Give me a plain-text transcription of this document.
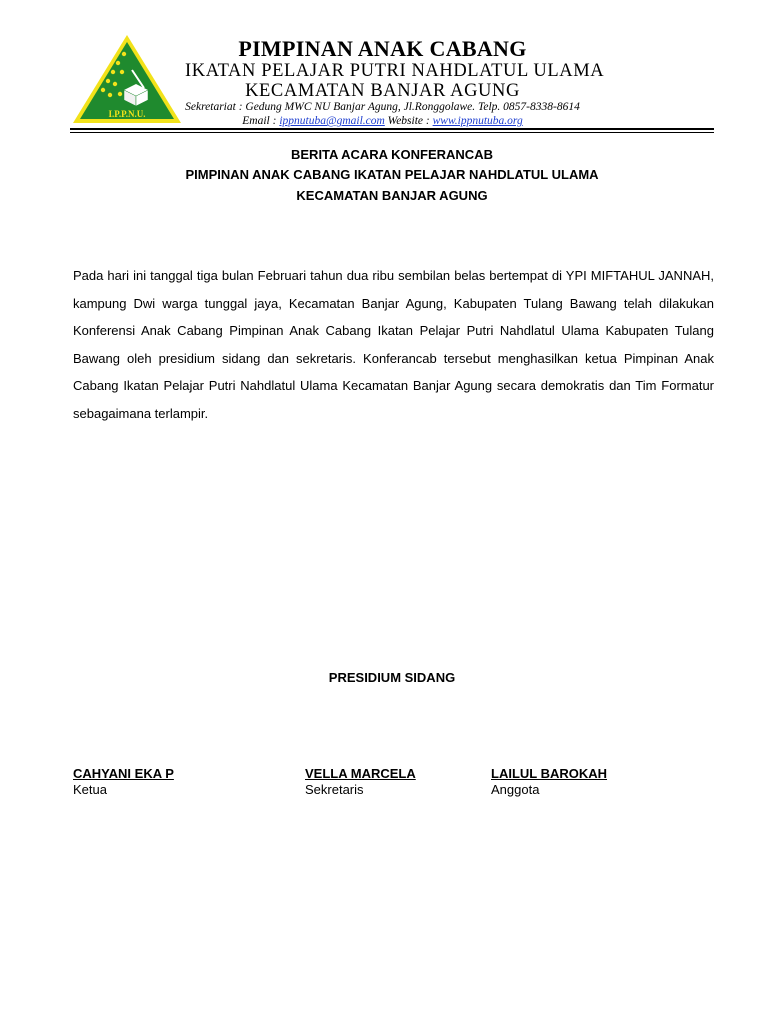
I.P.P.N.U.
PIMPINAN ANAK CABANG
IKATAN PELAJAR PUTRI NAHDLATUL ULAMA
KECAMATAN BANJAR AGUNG
Sekretariat : Gedung MWC NU Banjar Agung, Jl.Ronggolawe. Telp. 0857-8338-8614
Email : ippnutuba@gmail.com Website : www.ippnutuba.org
BERITA ACARA KONFERANCAB
PIMPINAN ANAK CABANG IKATAN PELAJAR NAHDLATUL ULAMA
KECAMATAN BANJAR AGUNG

Pada hari ini tanggal tiga bulan Februari tahun dua ribu sembilan belas bertempat di YPI MIFTAHUL JANNAH, kampung Dwi warga tunggal jaya, Kecamatan Banjar Agung, Kabupaten Tulang Bawang telah dilakukan Konferensi Anak Cabang Pimpinan Anak Cabang Ikatan Pelajar Putri Nahdlatul Ulama Kabupaten Tulang Bawang oleh presidium sidang dan sekretaris. Konferancab tersebut menghasilkan ketua Pimpinan Anak Cabang Ikatan Pelajar Putri Nahdlatul Ulama Kecamatan Banjar Agung secara demokratis dan Tim Formatur sebagaimana terlampir.

PRESIDIUM SIDANG
CAHYANI EKA P
Ketua
VELLA MARCELA
Sekretaris
LAILUL BAROKAH
Anggota
